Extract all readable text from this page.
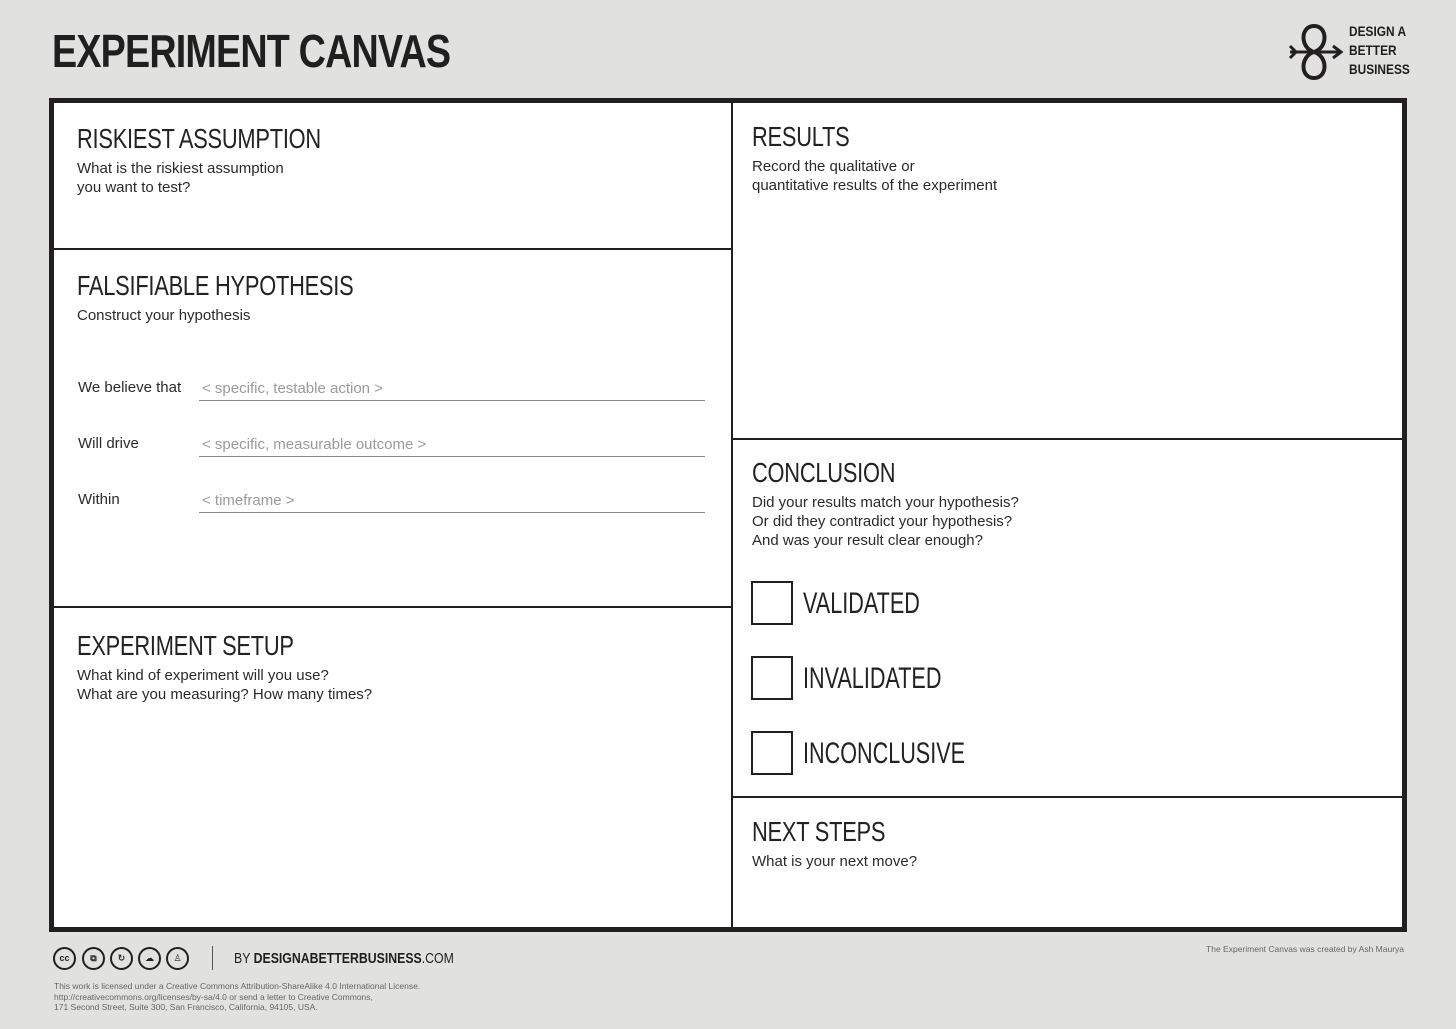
EXPERIMENT CANVAS	DESIGN A
BETTER
BUSINESS
RISKIEST ASSUMPTION
What is the riskiest assumption
you want to test?
FALSIFIABLE HYPOTHESIS
Construct your hypothesis
We believe that
< specific, testable action >
Will drive
< specific, measurable outcome >
Within
< timeframe >
EXPERIMENT SETUP
What kind of experiment will you use?
What are you measuring? How many times?
RESULTS
Record the qualitative or
quantitative results of the experiment
CONCLUSION
Did your results match your hypothesis?
Or did they contradict your hypothesis?
And was your result clear enough?
VALIDATED
INVALIDATED
INCONCLUSIVE
NEXT STEPS
What is your next move?
cc	⧉	↻	☁	♙	BY DESIGNABETTERBUSINESS.COM
This work is licensed under a Creative Commons Attribution-ShareAlike 4.0 International License.
http://creativecommons.org/licenses/by-sa/4.0 or send a letter to Creative Commons,
171 Second Street, Suite 300, San Francisco, California, 94105, USA.
The Experiment Canvas was created by Ash Maurya
